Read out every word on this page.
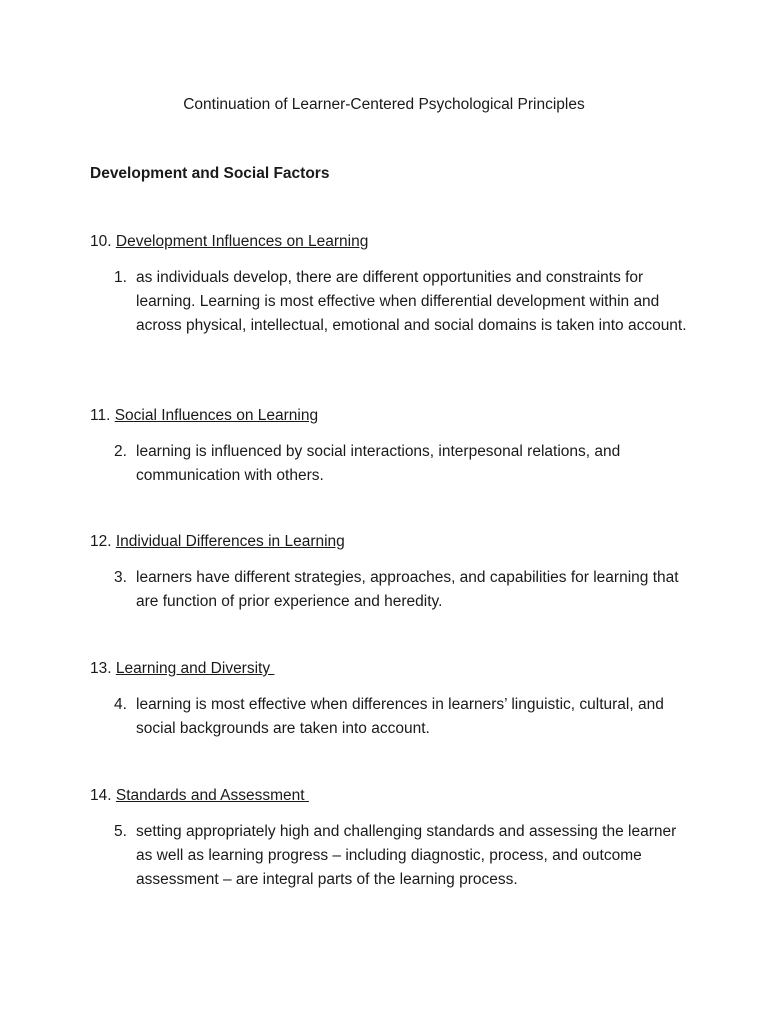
Continuation of Learner-Centered Psychological Principles
Development and Social Factors
10. Development Influences on Learning
1. as individuals develop, there are different opportunities and constraints for learning. Learning is most effective when differential development within and across physical, intellectual, emotional and social domains is taken into account.
11. Social Influences on Learning
2. learning is influenced by social interactions, interpesonal relations, and communication with others.
12. Individual Differences in Learning
3. learners have different strategies, approaches, and capabilities for learning that are function of prior experience and heredity.
13. Learning and Diversity
4. learning is most effective when differences in learners’ linguistic, cultural, and social backgrounds are taken into account.
14. Standards and Assessment
5. setting appropriately high and challenging standards and assessing the learner as well as learning progress – including diagnostic, process, and outcome assessment – are integral parts of the learning process.
